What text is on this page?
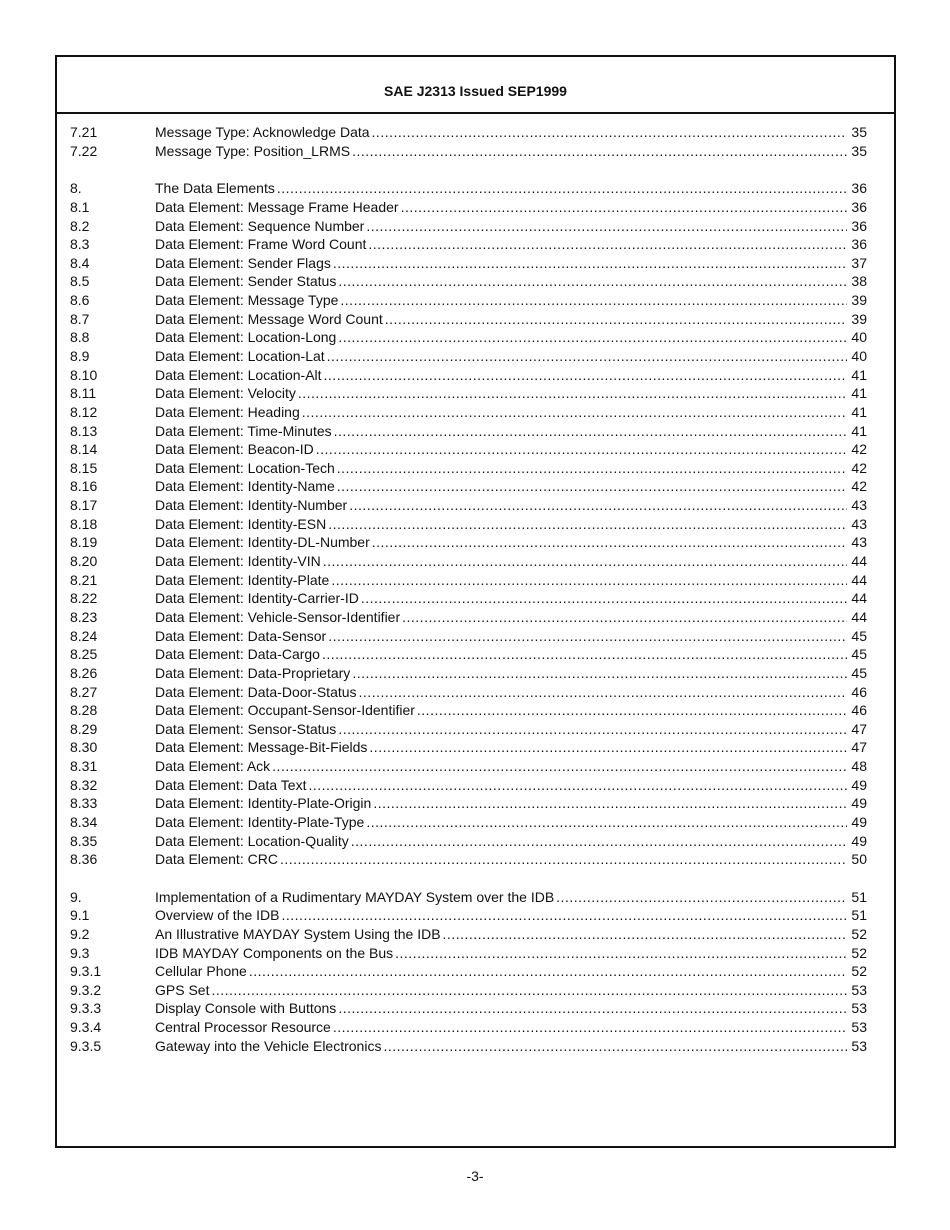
SAE J2313 Issued SEP1999
7.21	Message Type: Acknowledge Data .....	35
7.22	Message Type: Position_LRMS .....	35
8.	The Data Elements .....	36
8.1	Data Element: Message Frame Header .....	36
8.2	Data Element: Sequence Number .....	36
8.3	Data Element: Frame Word Count .....	36
8.4	Data Element: Sender Flags .....	37
8.5	Data Element: Sender Status .....	38
8.6	Data Element: Message Type .....	39
8.7	Data Element: Message Word Count .....	39
8.8	Data Element: Location-Long .....	40
8.9	Data Element: Location-Lat .....	40
8.10	Data Element: Location-Alt .....	41
8.11	Data Element: Velocity .....	41
8.12	Data Element: Heading .....	41
8.13	Data Element: Time-Minutes .....	41
8.14	Data Element: Beacon-ID .....	42
8.15	Data Element: Location-Tech .....	42
8.16	Data Element: Identity-Name .....	42
8.17	Data Element: Identity-Number .....	43
8.18	Data Element: Identity-ESN .....	43
8.19	Data Element: Identity-DL-Number .....	43
8.20	Data Element: Identity-VIN .....	44
8.21	Data Element: Identity-Plate .....	44
8.22	Data Element: Identity-Carrier-ID .....	44
8.23	Data Element: Vehicle-Sensor-Identifier .....	44
8.24	Data Element: Data-Sensor .....	45
8.25	Data Element: Data-Cargo .....	45
8.26	Data Element: Data-Proprietary .....	45
8.27	Data Element: Data-Door-Status .....	46
8.28	Data Element: Occupant-Sensor-Identifier .....	46
8.29	Data Element: Sensor-Status .....	47
8.30	Data Element: Message-Bit-Fields .....	47
8.31	Data Element: Ack .....	48
8.32	Data Element: Data Text .....	49
8.33	Data Element: Identity-Plate-Origin .....	49
8.34	Data Element: Identity-Plate-Type .....	49
8.35	Data Element: Location-Quality .....	49
8.36	Data Element: CRC .....	50
9.	Implementation of a Rudimentary MAYDAY System over the IDB .....	51
9.1	Overview of the IDB .....	51
9.2	An Illustrative MAYDAY System Using the IDB .....	52
9.3	IDB MAYDAY Components on the Bus .....	52
9.3.1	Cellular Phone .....	52
9.3.2	GPS Set .....	53
9.3.3	Display Console with Buttons .....	53
9.3.4	Central Processor Resource .....	53
9.3.5	Gateway into the Vehicle Electronics .....	53
-3-
